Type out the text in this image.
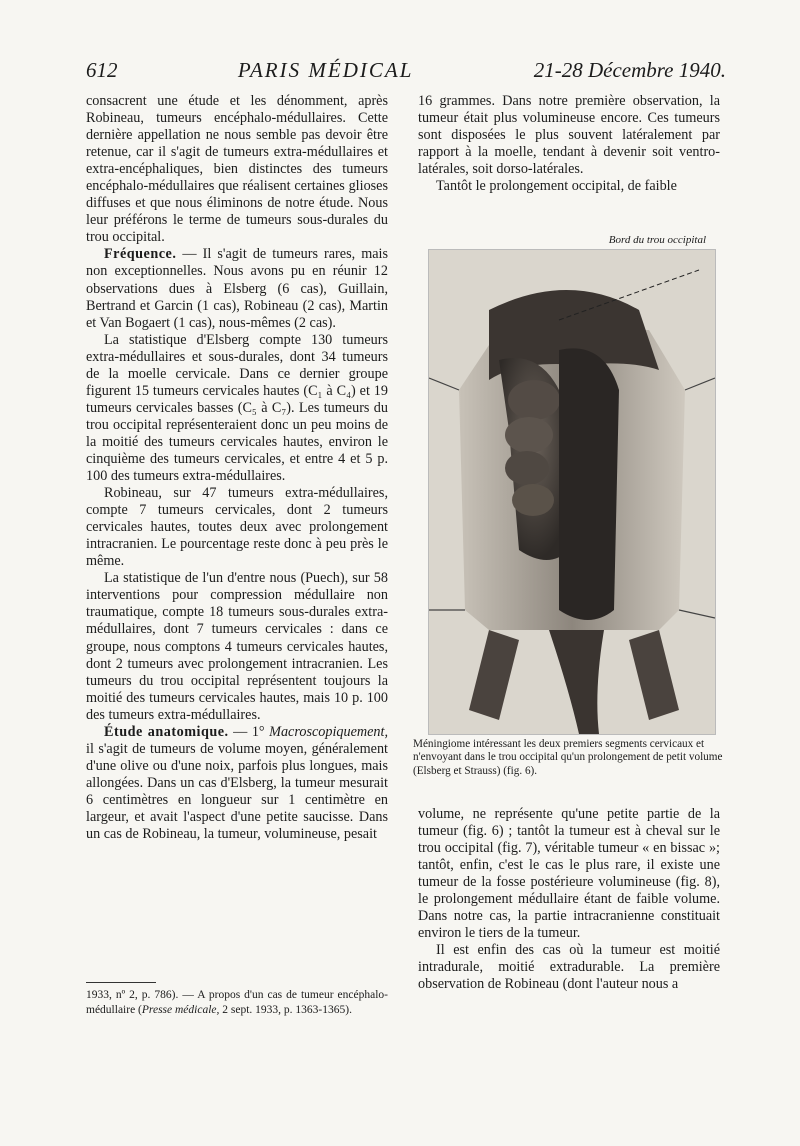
612	PARIS MÉDICAL	21-28 Décembre 1940.

consacrent une étude et les dénomment, après Robineau, tumeurs encéphalo-médullaires. Cette dernière appellation ne nous semble pas devoir être retenue, car il s'agit de tumeurs extra-médullaires et extra-encéphaliques, bien distinctes des tumeurs encéphalo-médullaires que réalisent certaines glioses diffuses et que nous éliminons de notre étude. Nous leur préférons le terme de tumeurs sous-durales du trou occipital.

Fréquence. — Il s'agit de tumeurs rares, mais non exceptionnelles. Nous avons pu en réunir 12 observations dues à Elsberg (6 cas), Guillain, Bertrand et Garcin (1 cas), Robineau (2 cas), Martin et Van Bogaert (1 cas), nous-mêmes (2 cas).

La statistique d'Elsberg compte 130 tumeurs extra-médullaires et sous-durales, dont 34 tumeurs de la moelle cervicale. Dans ce dernier groupe figurent 15 tumeurs cervicales hautes (C₁ à C₄) et 19 tumeurs cervicales basses (C₅ à C₇). Les tumeurs du trou occipital représenteraient donc un peu moins de la moitié des tumeurs cervicales hautes, environ le cinquième des tumeurs cervicales, et entre 4 et 5 p. 100 des tumeurs extra-médullaires.

Robineau, sur 47 tumeurs extra-médullaires, compte 7 tumeurs cervicales, dont 2 tumeurs cervicales hautes, toutes deux avec prolongement intracranien. Le pourcentage reste donc à peu près le même.

La statistique de l'un d'entre nous (Puech), sur 58 interventions pour compression médullaire non traumatique, compte 18 tumeurs sous-durales extra-médullaires, dont 7 tumeurs cervicales : dans ce groupe, nous comptons 4 tumeurs cervicales hautes, dont 2 tumeurs avec prolongement intracranien. Les tumeurs du trou occipital représentent toujours la moitié des tumeurs cervicales hautes, mais 10 p. 100 des tumeurs extra-médullaires.

Étude anatomique. — 1° Macroscopiquement, il s'agit de tumeurs de volume moyen, généralement d'une olive ou d'une noix, parfois plus longues, mais allongées. Dans un cas d'Elsberg, la tumeur mesurait 6 centimètres en longueur sur 1 centimètre en largeur, et avait l'aspect d'une petite saucisse. Dans un cas de Robineau, la tumeur, volumineuse, pesait

1933, nº 2, p. 786). — A propos d'un cas de tumeur encéphalo-médullaire (Presse médicale, 2 sept. 1933, p. 1363-1365).

16 grammes. Dans notre première observation, la tumeur était plus volumineuse encore. Ces tumeurs sont disposées le plus souvent latéralement par rapport à la moelle, tendant à devenir soit ventro-latérales, soit dorso-latérales.

Tantôt le prolongement occipital, de faible

Bord du trou occipital
Méningiome intéressant les deux premiers segments cervicaux et n'envoyant dans le trou occipital qu'un prolongement de petit volume (Elsberg et Strauss) (fig. 6).

volume, ne représente qu'une petite partie de la tumeur (fig. 6) ; tantôt la tumeur est à cheval sur le trou occipital (fig. 7), véritable tumeur « en bissac »; tantôt, enfin, c'est le cas le plus rare, il existe une tumeur de la fosse postérieure volumineuse (fig. 8), le prolongement médullaire étant de faible volume. Dans notre cas, la partie intracranienne constituait environ le tiers de la tumeur.

Il est enfin des cas où la tumeur est moitié intradurale, moitié extradurable. La première observation de Robineau (dont l'auteur nous a
